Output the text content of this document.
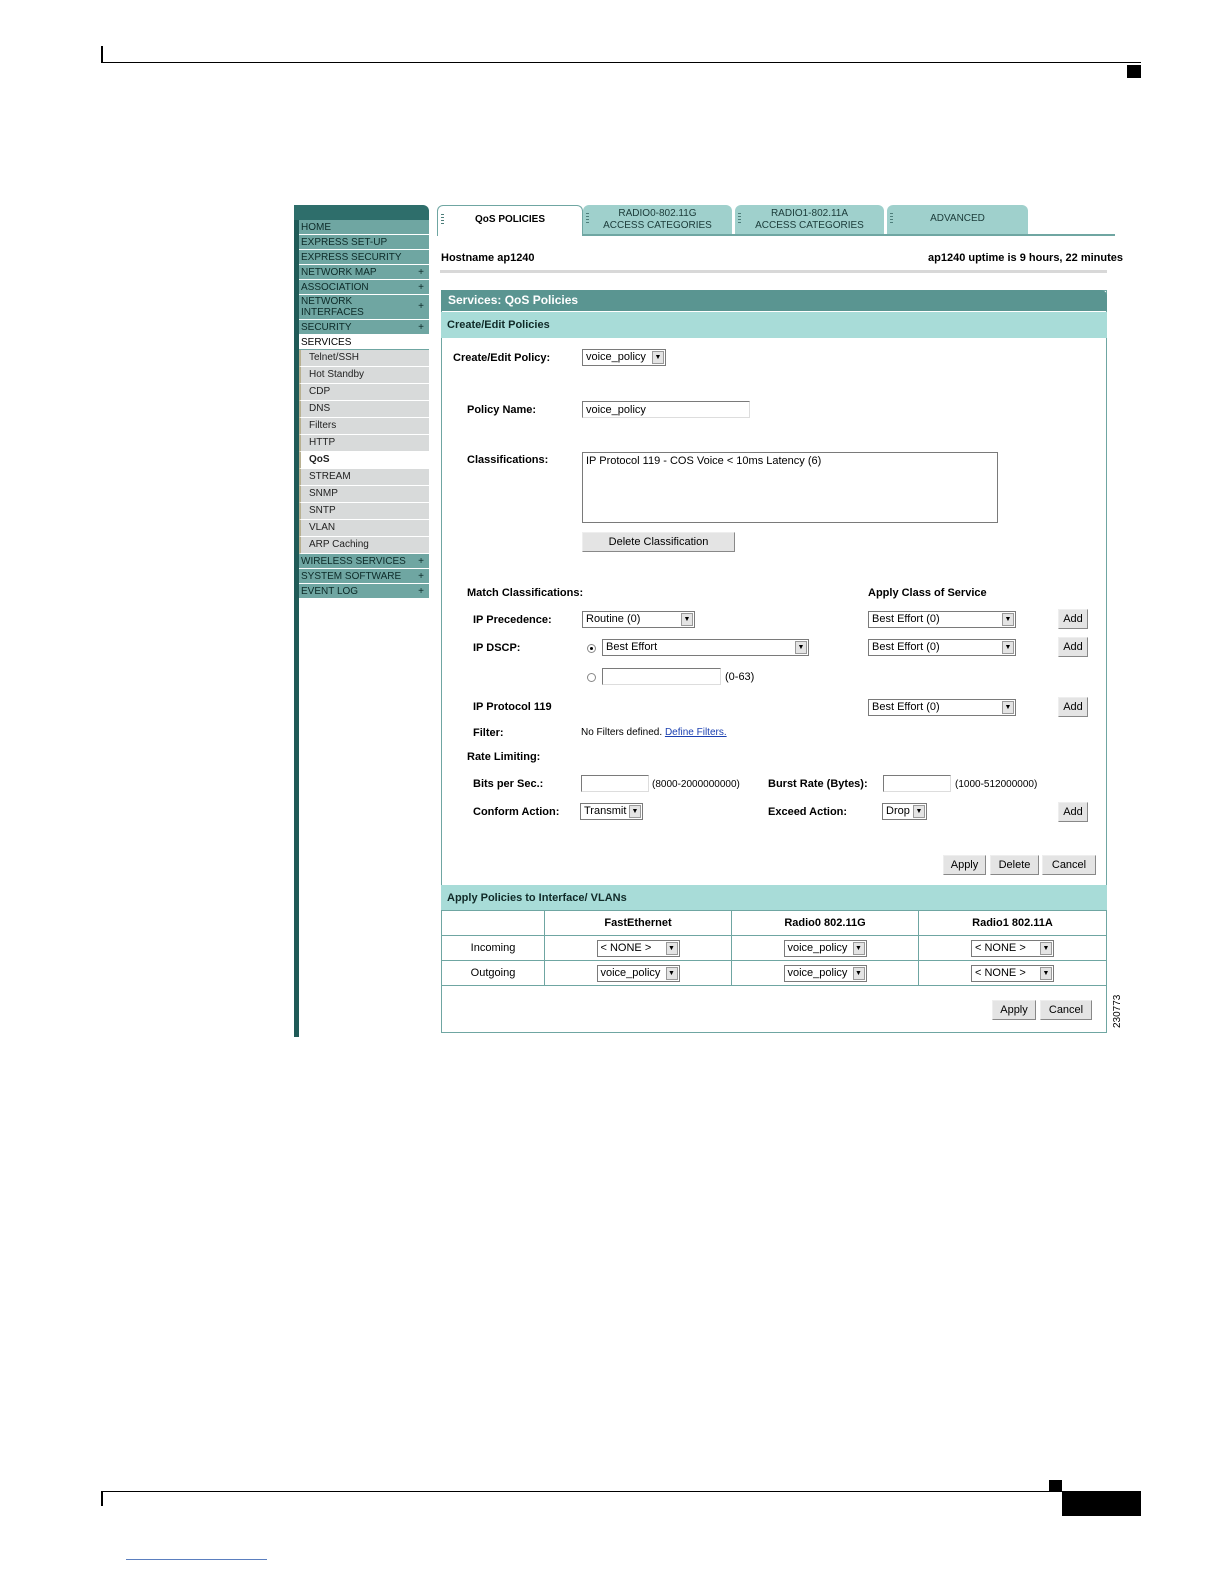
HOME
EXPRESS SET-UP
EXPRESS SECURITY
NETWORK MAP	+
ASSOCIATION	+
NETWORK INTERFACES
+
SECURITY	+
SERVICES
Telnet/SSH
Hot Standby
CDP
DNS
Filters
HTTP
QoS
STREAM
SNMP
SNTP
VLAN
ARP Caching
WIRELESS SERVICES +
SYSTEM SOFTWARE +
EVENT LOG	+
QoS POLICIES
RADIO0-802.11G
ACCESS CATEGORIES
RADIO1-802.11A
ACCESS CATEGORIES
ADVANCED
Hostname ap1240	ap1240 uptime is 9 hours, 22 minutes
Services: QoS Policies
Create/Edit Policies
Create/Edit Policy:	voice_policy	▼
Policy Name:
voice_policy
Classifications:	IP Protocol 119 - COS Voice < 10ms Latency (6)
Delete Classification
Match Classifications:	Apply Class of Service
IP Precedence:	Routine (0)	▼	Best Effort (0)	▼	Add
IP DSCP:	Best Effort	▼	Best Effort (0)	▼	Add
(0-63)
IP Protocol 119	Best Effort (0)	▼	Add
Filter:	No Filters defined. Define Filters.
Rate Limiting:
Bits per Sec.:	(8000-2000000000)	Burst Rate (Bytes):	(1000-512000000)
Conform Action:	Transmit ▼	Exceed Action:	Drop ▼	Add
Apply	Delete	Cancel
Apply Policies to Interface/ VLANs
	FastEthernet	Radio0 802.11G	Radio1 802.11A
Incoming	< NONE > ▼	voice_policy ▼	< NONE > ▼

Outgoing	voice_policy ▼	voice_policy ▼	< NONE > ▼
Apply	Cancel	230773
